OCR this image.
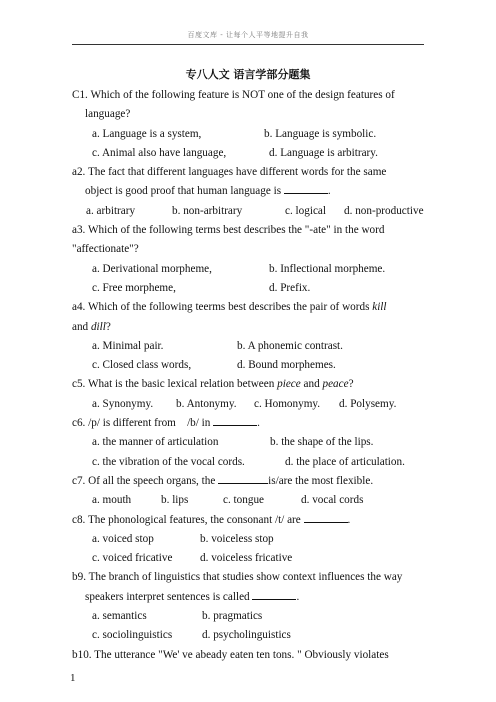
百度文库 - 让每个人平等地提升自我
专八人文 语言学部分题集

C1. Which of the following feature is NOT one of the design features of

language?

a. Language is a system,	b. Language is symbolic.
c. Animal also have language,	d. Language is arbitrary.

a2. The fact that different languages have different words for the same

object is good proof that human language is	.

a. arbitrary	b. non-arbitrary	c. logical d. non-productive

a3. Which of the following terms best describes the "-ate" in the word

"affectionate"?

a. Derivational morpheme,	b. Inflectional morpheme.
c. Free morpheme,	d. Prefix.

a4. Which of the following teerms best describes the pair of words kill

and dill?

a. Minimal pair.	b. A phonemic contrast.
c. Closed class words,	d. Bound morphemes.

c5. What is the basic lexical relation between piece and peace?

a. Synonymy. b. Antonymy. c. Homonymy. d. Polysemy.

c6. /p/ is different from /b/ in	.

a. the manner of articulation	b. the shape of the lips.
c. the vibration of the vocal cords.	d. the place of articulation.

c7. Of all the speech organs, the	is/are the most flexible.

a. mouth	b. lips	c. tongue	d. vocal cords

c8. The phonological features, the consonant /t/ are	.

a. voiced stop	b. voiceless stop
c. voiced fricative d. voiceless fricative

b9. The branch of linguistics that studies show context influences the way

speakers interpret sentences is called	.

a. semantics	b. pragmatics
c. sociolinguistics	d. psycholinguistics

b10. The utterance "We' ve abeady eaten ten tons. " Obviously violates

1
